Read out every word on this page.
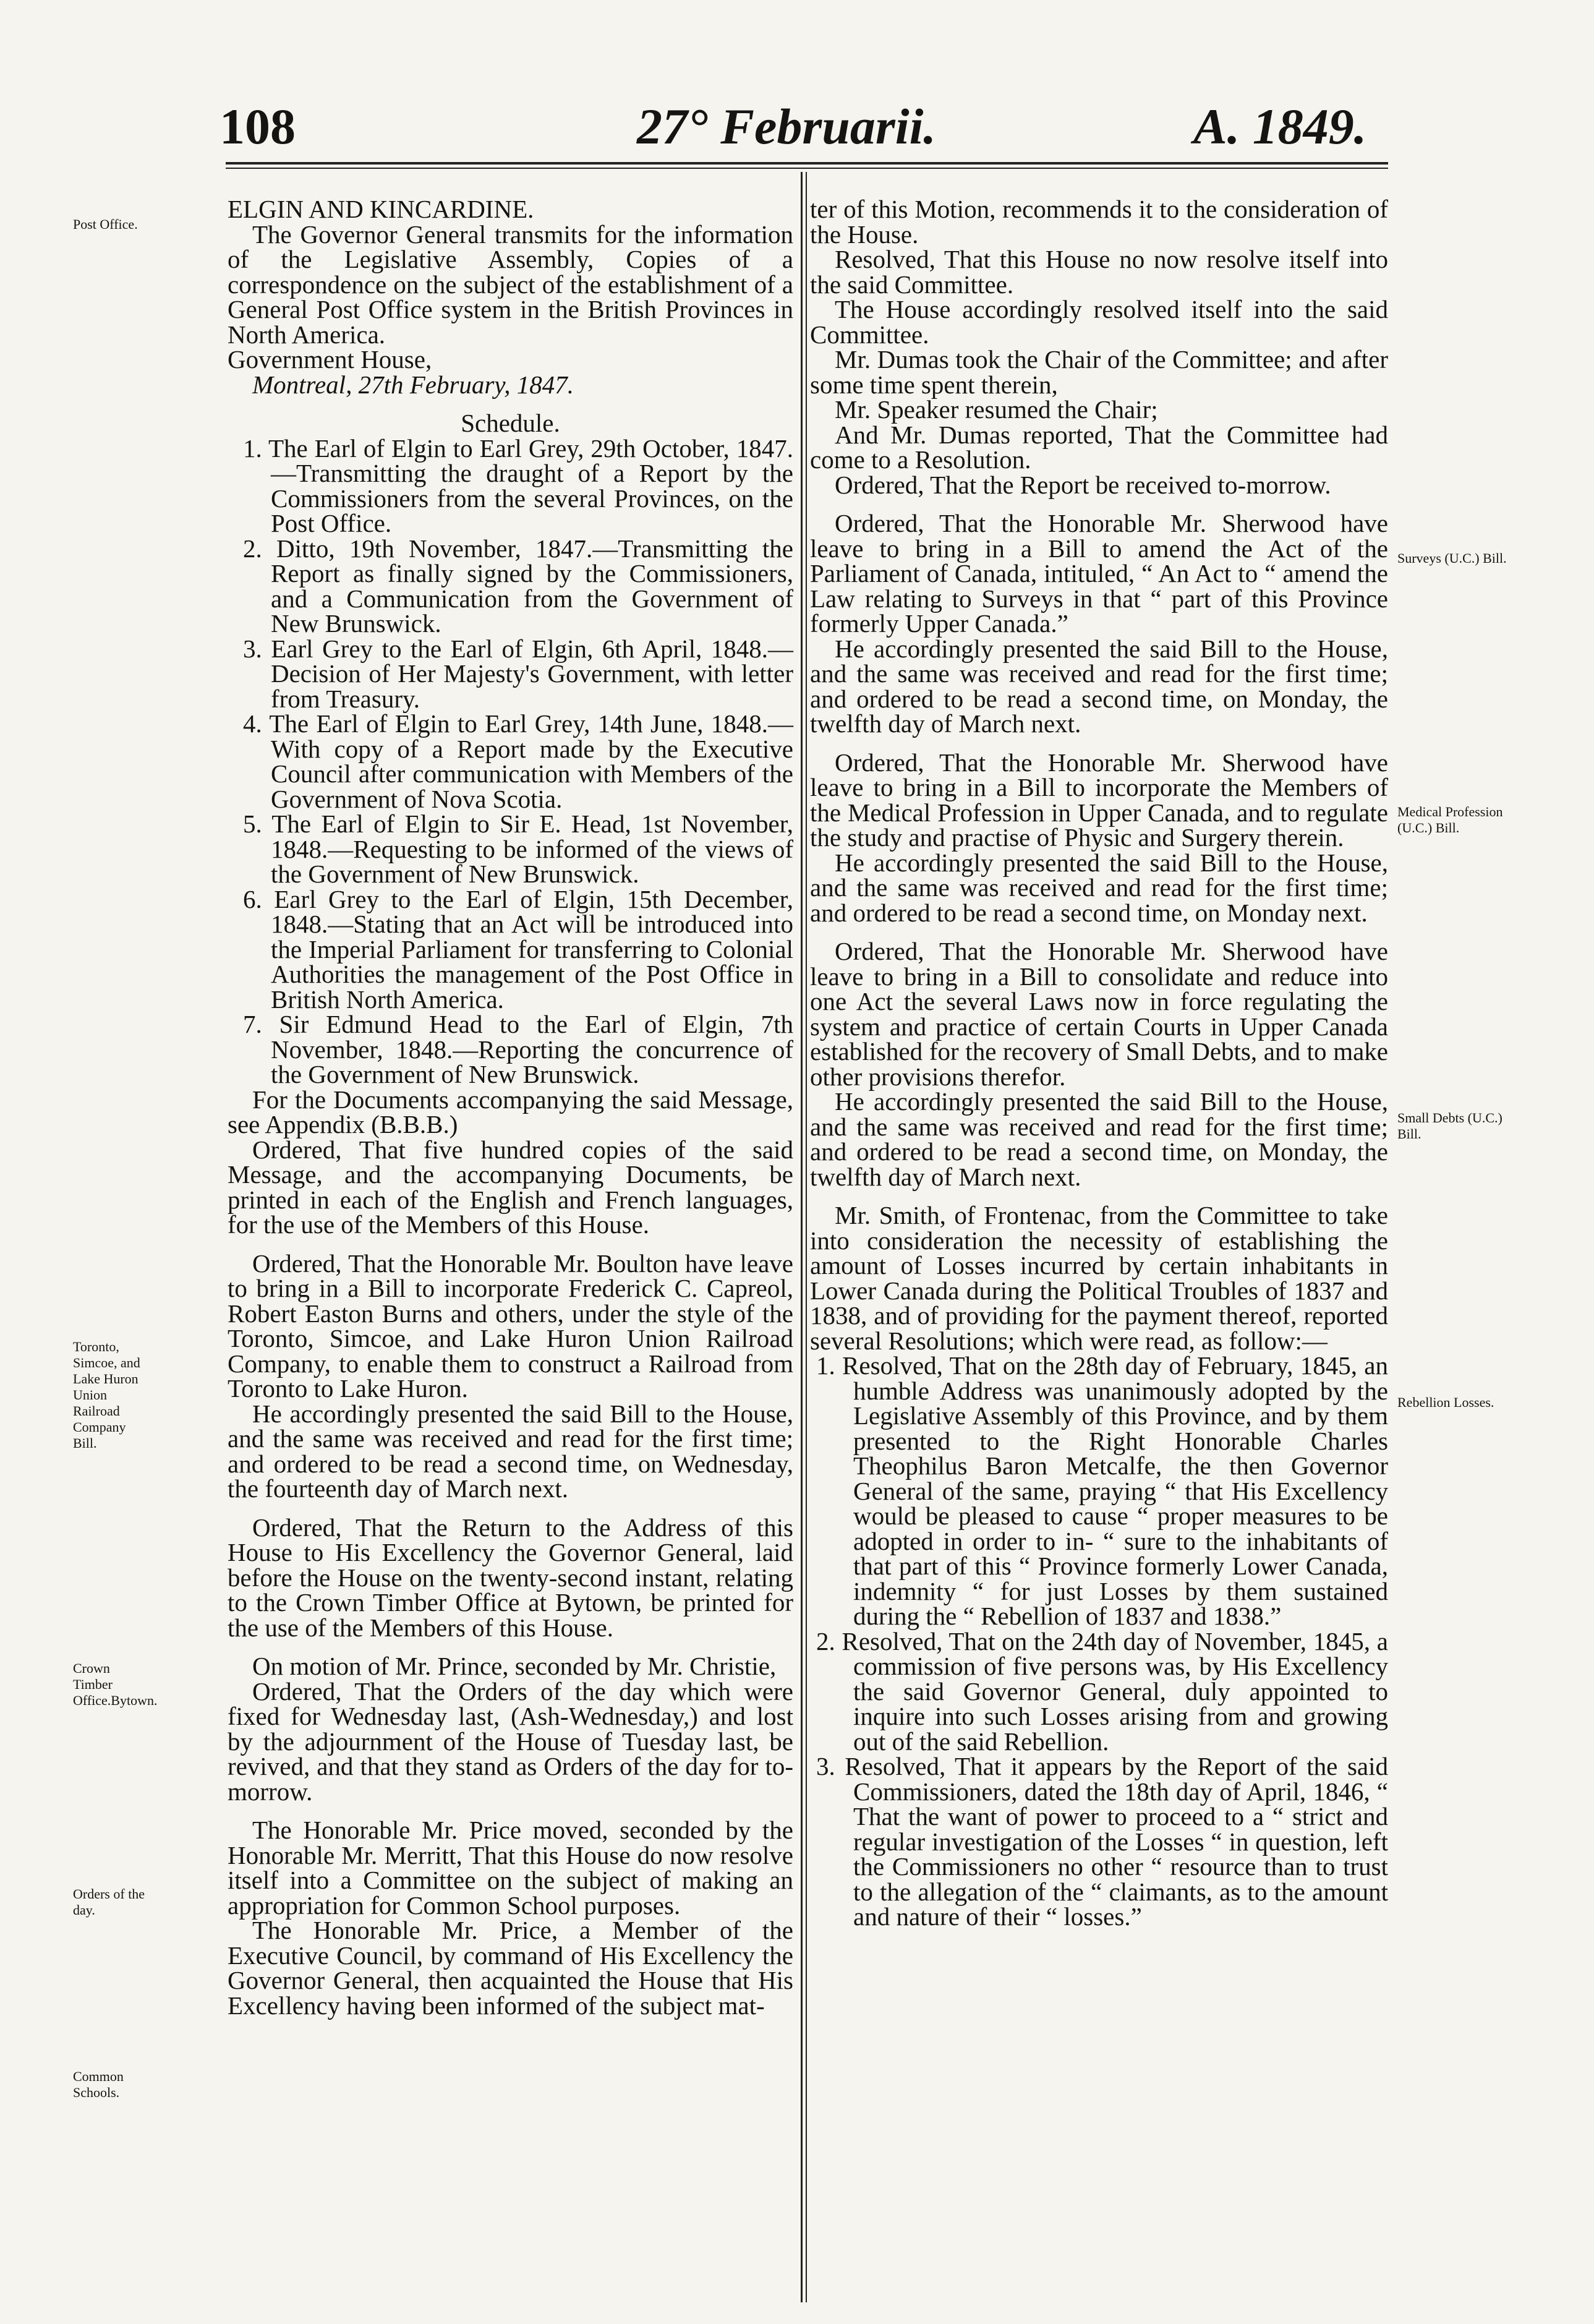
108	27° Februarii.	A. 1849.
Post Office.
Toronto, Simcoe, and Lake Huron Union Railroad Company Bill.
Crown Timber Office.Bytown.
Orders of the day.
Common Schools.
Surveys (U.C.) Bill.
Medical Profession (U.C.) Bill.
Small Debts (U.C.) Bill.
Rebellion Losses.

ELGIN AND KINCARDINE.

The Governor General transmits for the information of the Legislative Assembly, Copies of a correspondence on the subject of the establishment of a General Post Office system in the British Provinces in North America.

Government House,

Montreal, 27th February, 1847.

Schedule.

1. The Earl of Elgin to Earl Grey, 29th October, 1847.—Transmitting the draught of a Report by the Commissioners from the several Provinces, on the Post Office.

2. Ditto, 19th November, 1847.—Transmitting the Report as finally signed by the Commissioners, and a Communication from the Government of New Brunswick.

3. Earl Grey to the Earl of Elgin, 6th April, 1848.—Decision of Her Majesty's Government, with letter from Treasury.

4. The Earl of Elgin to Earl Grey, 14th June, 1848.—With copy of a Report made by the Executive Council after communication with Members of the Government of Nova Scotia.

5. The Earl of Elgin to Sir E. Head, 1st November, 1848.—Requesting to be informed of the views of the Government of New Brunswick.

6. Earl Grey to the Earl of Elgin, 15th December, 1848.—Stating that an Act will be introduced into the Imperial Parliament for transferring to Colonial Authorities the management of the Post Office in British North America.

7. Sir Edmund Head to the Earl of Elgin, 7th November, 1848.—Reporting the concurrence of the Government of New Brunswick.

For the Documents accompanying the said Message, see Appendix (B.B.B.)

Ordered, That five hundred copies of the said Message, and the accompanying Documents, be printed in each of the English and French languages, for the use of the Members of this House.

Ordered, That the Honorable Mr. Boulton have leave to bring in a Bill to incorporate Frederick C. Capreol, Robert Easton Burns and others, under the style of the Toronto, Simcoe, and Lake Huron Union Railroad Company, to enable them to construct a Railroad from Toronto to Lake Huron.

He accordingly presented the said Bill to the House, and the same was received and read for the first time; and ordered to be read a second time, on Wednesday, the fourteenth day of March next.

Ordered, That the Return to the Address of this House to His Excellency the Governor General, laid before the House on the twenty-second instant, relating to the Crown Timber Office at Bytown, be printed for the use of the Members of this House.

On motion of Mr. Prince, seconded by Mr. Christie,

Ordered, That the Orders of the day which were fixed for Wednesday last, (Ash-Wednesday,) and lost by the adjournment of the House of Tuesday last, be revived, and that they stand as Orders of the day for to-morrow.

The Honorable Mr. Price moved, seconded by the Honorable Mr. Merritt, That this House do now resolve itself into a Committee on the subject of making an appropriation for Common School purposes.

The Honorable Mr. Price, a Member of the Executive Council, by command of His Excellency the Governor General, then acquainted the House that His Excellency having been informed of the subject mat-

ter of this Motion, recommends it to the consideration of the House.

Resolved, That this House no now resolve itself into the said Committee.

The House accordingly resolved itself into the said Committee.

Mr. Dumas took the Chair of the Committee; and after some time spent therein,

Mr. Speaker resumed the Chair;

And Mr. Dumas reported, That the Committee had come to a Resolution.

Ordered, That the Report be received to-morrow.

Ordered, That the Honorable Mr. Sherwood have leave to bring in a Bill to amend the Act of the Parliament of Canada, intituled, “ An Act to “ amend the Law relating to Surveys in that “ part of this Province formerly Upper Canada.”

He accordingly presented the said Bill to the House, and the same was received and read for the first time; and ordered to be read a second time, on Monday, the twelfth day of March next.

Ordered, That the Honorable Mr. Sherwood have leave to bring in a Bill to incorporate the Members of the Medical Profession in Upper Canada, and to regulate the study and practise of Physic and Surgery therein.

He accordingly presented the said Bill to the House, and the same was received and read for the first time; and ordered to be read a second time, on Monday next.

Ordered, That the Honorable Mr. Sherwood have leave to bring in a Bill to consolidate and reduce into one Act the several Laws now in force regulating the system and practice of certain Courts in Upper Canada established for the recovery of Small Debts, and to make other provisions therefor.

He accordingly presented the said Bill to the House, and the same was received and read for the first time; and ordered to be read a second time, on Monday, the twelfth day of March next.

Mr. Smith, of Frontenac, from the Committee to take into consideration the necessity of establishing the amount of Losses incurred by certain inhabitants in Lower Canada during the Political Troubles of 1837 and 1838, and of providing for the payment thereof, reported several Resolutions; which were read, as follow:—

1. Resolved, That on the 28th day of February, 1845, an humble Address was unanimously adopted by the Legislative Assembly of this Province, and by them presented to the Right Honorable Charles Theophilus Baron Metcalfe, the then Governor General of the same, praying “ that His Excellency would be pleased to cause “ proper measures to be adopted in order to in- “ sure to the inhabitants of that part of this “ Province formerly Lower Canada, indemnity “ for just Losses by them sustained during the “ Rebellion of 1837 and 1838.”

2. Resolved, That on the 24th day of November, 1845, a commission of five persons was, by His Excellency the said Governor General, duly appointed to inquire into such Losses arising from and growing out of the said Rebellion.

3. Resolved, That it appears by the Report of the said Commissioners, dated the 18th day of April, 1846, “ That the want of power to proceed to a “ strict and regular investigation of the Losses “ in question, left the Commissioners no other “ resource than to trust to the allegation of the “ claimants, as to the amount and nature of their “ losses.”
